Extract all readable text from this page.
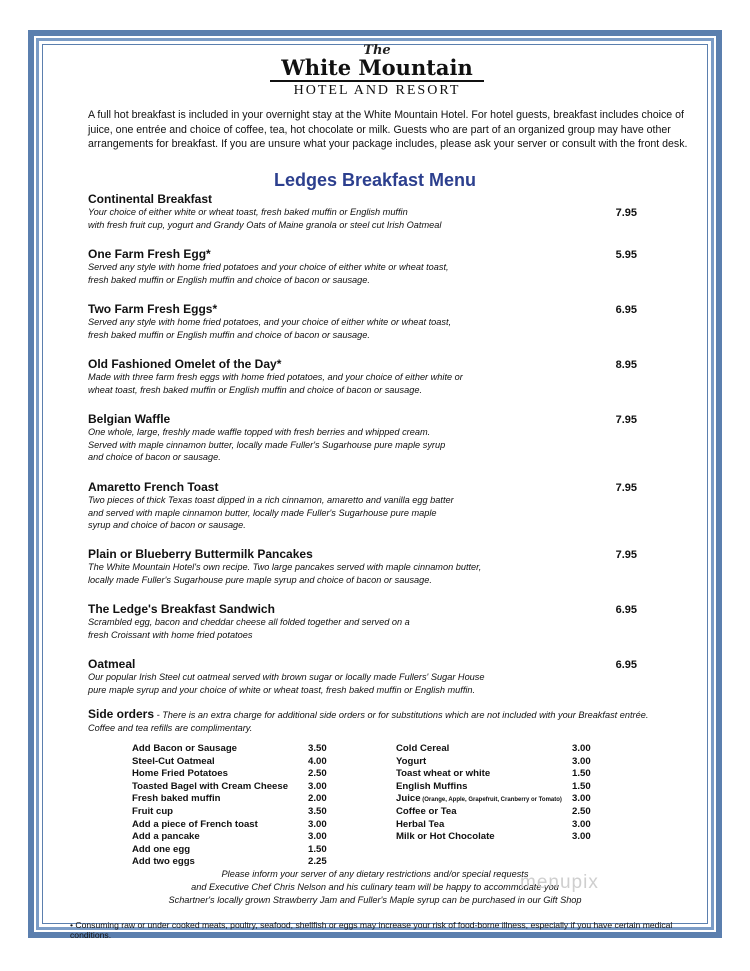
The
White Mountain
HOTEL AND RESORT
A full hot breakfast is included in your overnight stay at the White Mountain Hotel. For hotel guests, breakfast includes choice of juice, one entrée and choice of coffee, tea, hot chocolate or milk. Guests who are part of an organized group may have other arrangements for breakfast. If you are unsure what your package includes, please ask your server or consult with the front desk.
Ledges Breakfast Menu
Continental Breakfast
Your choice of either white or wheat toast, fresh baked muffin or English muffin
with fresh fruit cup, yogurt and Grandy Oats of Maine granola or steel cut Irish Oatmeal
7.95
One Farm Fresh Egg*
Served any style with home fried potatoes and your choice of either white or wheat toast,
fresh baked muffin or English muffin and choice of bacon or sausage.
5.95
Two Farm Fresh Eggs*
Served any style with home fried potatoes, and your choice of either white or wheat toast,
fresh baked muffin or English muffin and choice of bacon or sausage.
6.95
Old Fashioned Omelet of the Day*
Made with three farm fresh eggs with home fried potatoes, and your choice of either white or
wheat toast, fresh baked muffin or English muffin and choice of bacon or sausage.
8.95
Belgian Waffle
One whole, large, freshly made waffle topped with fresh berries and whipped cream.
Served with maple cinnamon butter, locally made Fuller's Sugarhouse pure maple syrup
and choice of bacon or sausage.
7.95
Amaretto French Toast
Two pieces of thick Texas toast dipped in a rich cinnamon, amaretto and vanilla egg batter
and served with maple cinnamon butter, locally made Fuller's Sugarhouse pure maple
syrup and choice of bacon or sausage.
7.95
Plain or Blueberry Buttermilk Pancakes
The White Mountain Hotel's own recipe. Two large pancakes served with maple cinnamon butter,
locally made Fuller's Sugarhouse pure maple syrup and choice of bacon or sausage.
7.95
The Ledge's Breakfast Sandwich
Scrambled egg, bacon and cheddar cheese all folded together and served on a
fresh Croissant with home fried potatoes
6.95
Oatmeal
Our popular Irish Steel cut oatmeal served with brown sugar or locally made Fullers' Sugar House
pure maple syrup and your choice of white or wheat toast, fresh baked muffin or English muffin.
6.95
Side orders - There is an extra charge for additional side orders or for substitutions which are not included with your Breakfast entrée.
Coffee and tea refills are complimentary.
Add Bacon or Sausage	3.50
Steel-Cut Oatmeal	4.00
Home Fried Potatoes	2.50
Toasted Bagel with Cream Cheese 3.00
Fresh baked muffin	2.00
Fruit cup	3.50
Add a piece of French toast	3.00
Add a pancake	3.00
Add one egg	1.50
Add two eggs	2.25
Cold Cereal	3.00
Yogurt	3.00
Toast wheat or white	1.50
English Muffins	1.50
Juice (Orange, Apple, Grapefruit, Cranberry or Tomato) 3.00
Coffee or Tea	2.50
Herbal Tea	3.00
Milk or Hot Chocolate	3.00
Please inform your server of any dietary restrictions and/or special requests
and Executive Chef Chris Nelson and his culinary team will be happy to accommodate you
Schartner's locally grown Strawberry Jam and Fuller's Maple syrup can be purchased in our Gift Shop
menupix
• Consuming raw or under cooked meats, poultry, seafood, shellfish or eggs may increase your risk of food-borne illness, especially if you have certain medical conditions.
